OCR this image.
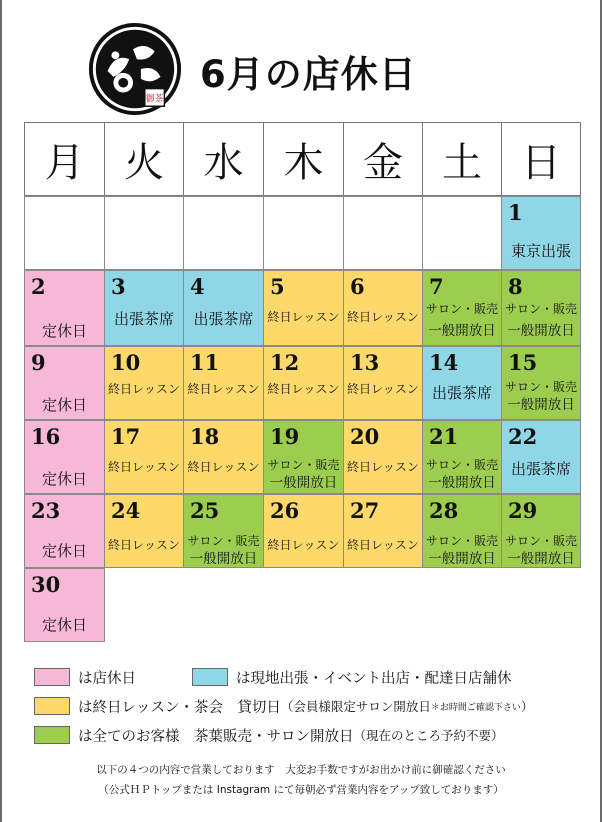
御茶
6月の店休日
月 火 水	木 金 土 日
1
東京出張
2
定休日
3
出張茶席
4
出張茶席
5
終日レッスン
6
終日レッスン
7
サロン・販売
一般開放日
8
サロン・販売
一般開放日
9
定休日
10
終日レッスン
11
終日レッスン
12
終日レッスン
13
終日レッスン
14
出張茶席
15
サロン・販売
一般開放日
16
定休日
17
終日レッスン
18
終日レッスン
19
サロン・販売
一般開放日
20
終日レッスン
21
サロン・販売
一般開放日
22
出張茶席
23
定休日
24
終日レッスン
25
サロン・販売
一般開放日
26
終日レッスン
27
終日レッスン
28
サロン・販売
一般開放日
29
サロン・販売
一般開放日
30
定休日
は店休日	は現地出張・イベント出店・配達日店舗休
は終日レッスン・茶会　貸切日 （会員様限定サロン開放日 ＊お時間ご確認下さい ）
は全てのお客様　茶葉販売・サロン開放日 （現在のところ予約不要）
以下の４つの内容で営業しております　大変お手数ですがお出かけ前に御確認ください
（公式ＨＰトップまたは Instagram にて毎朝必ず営業内容をアップ致しております）
